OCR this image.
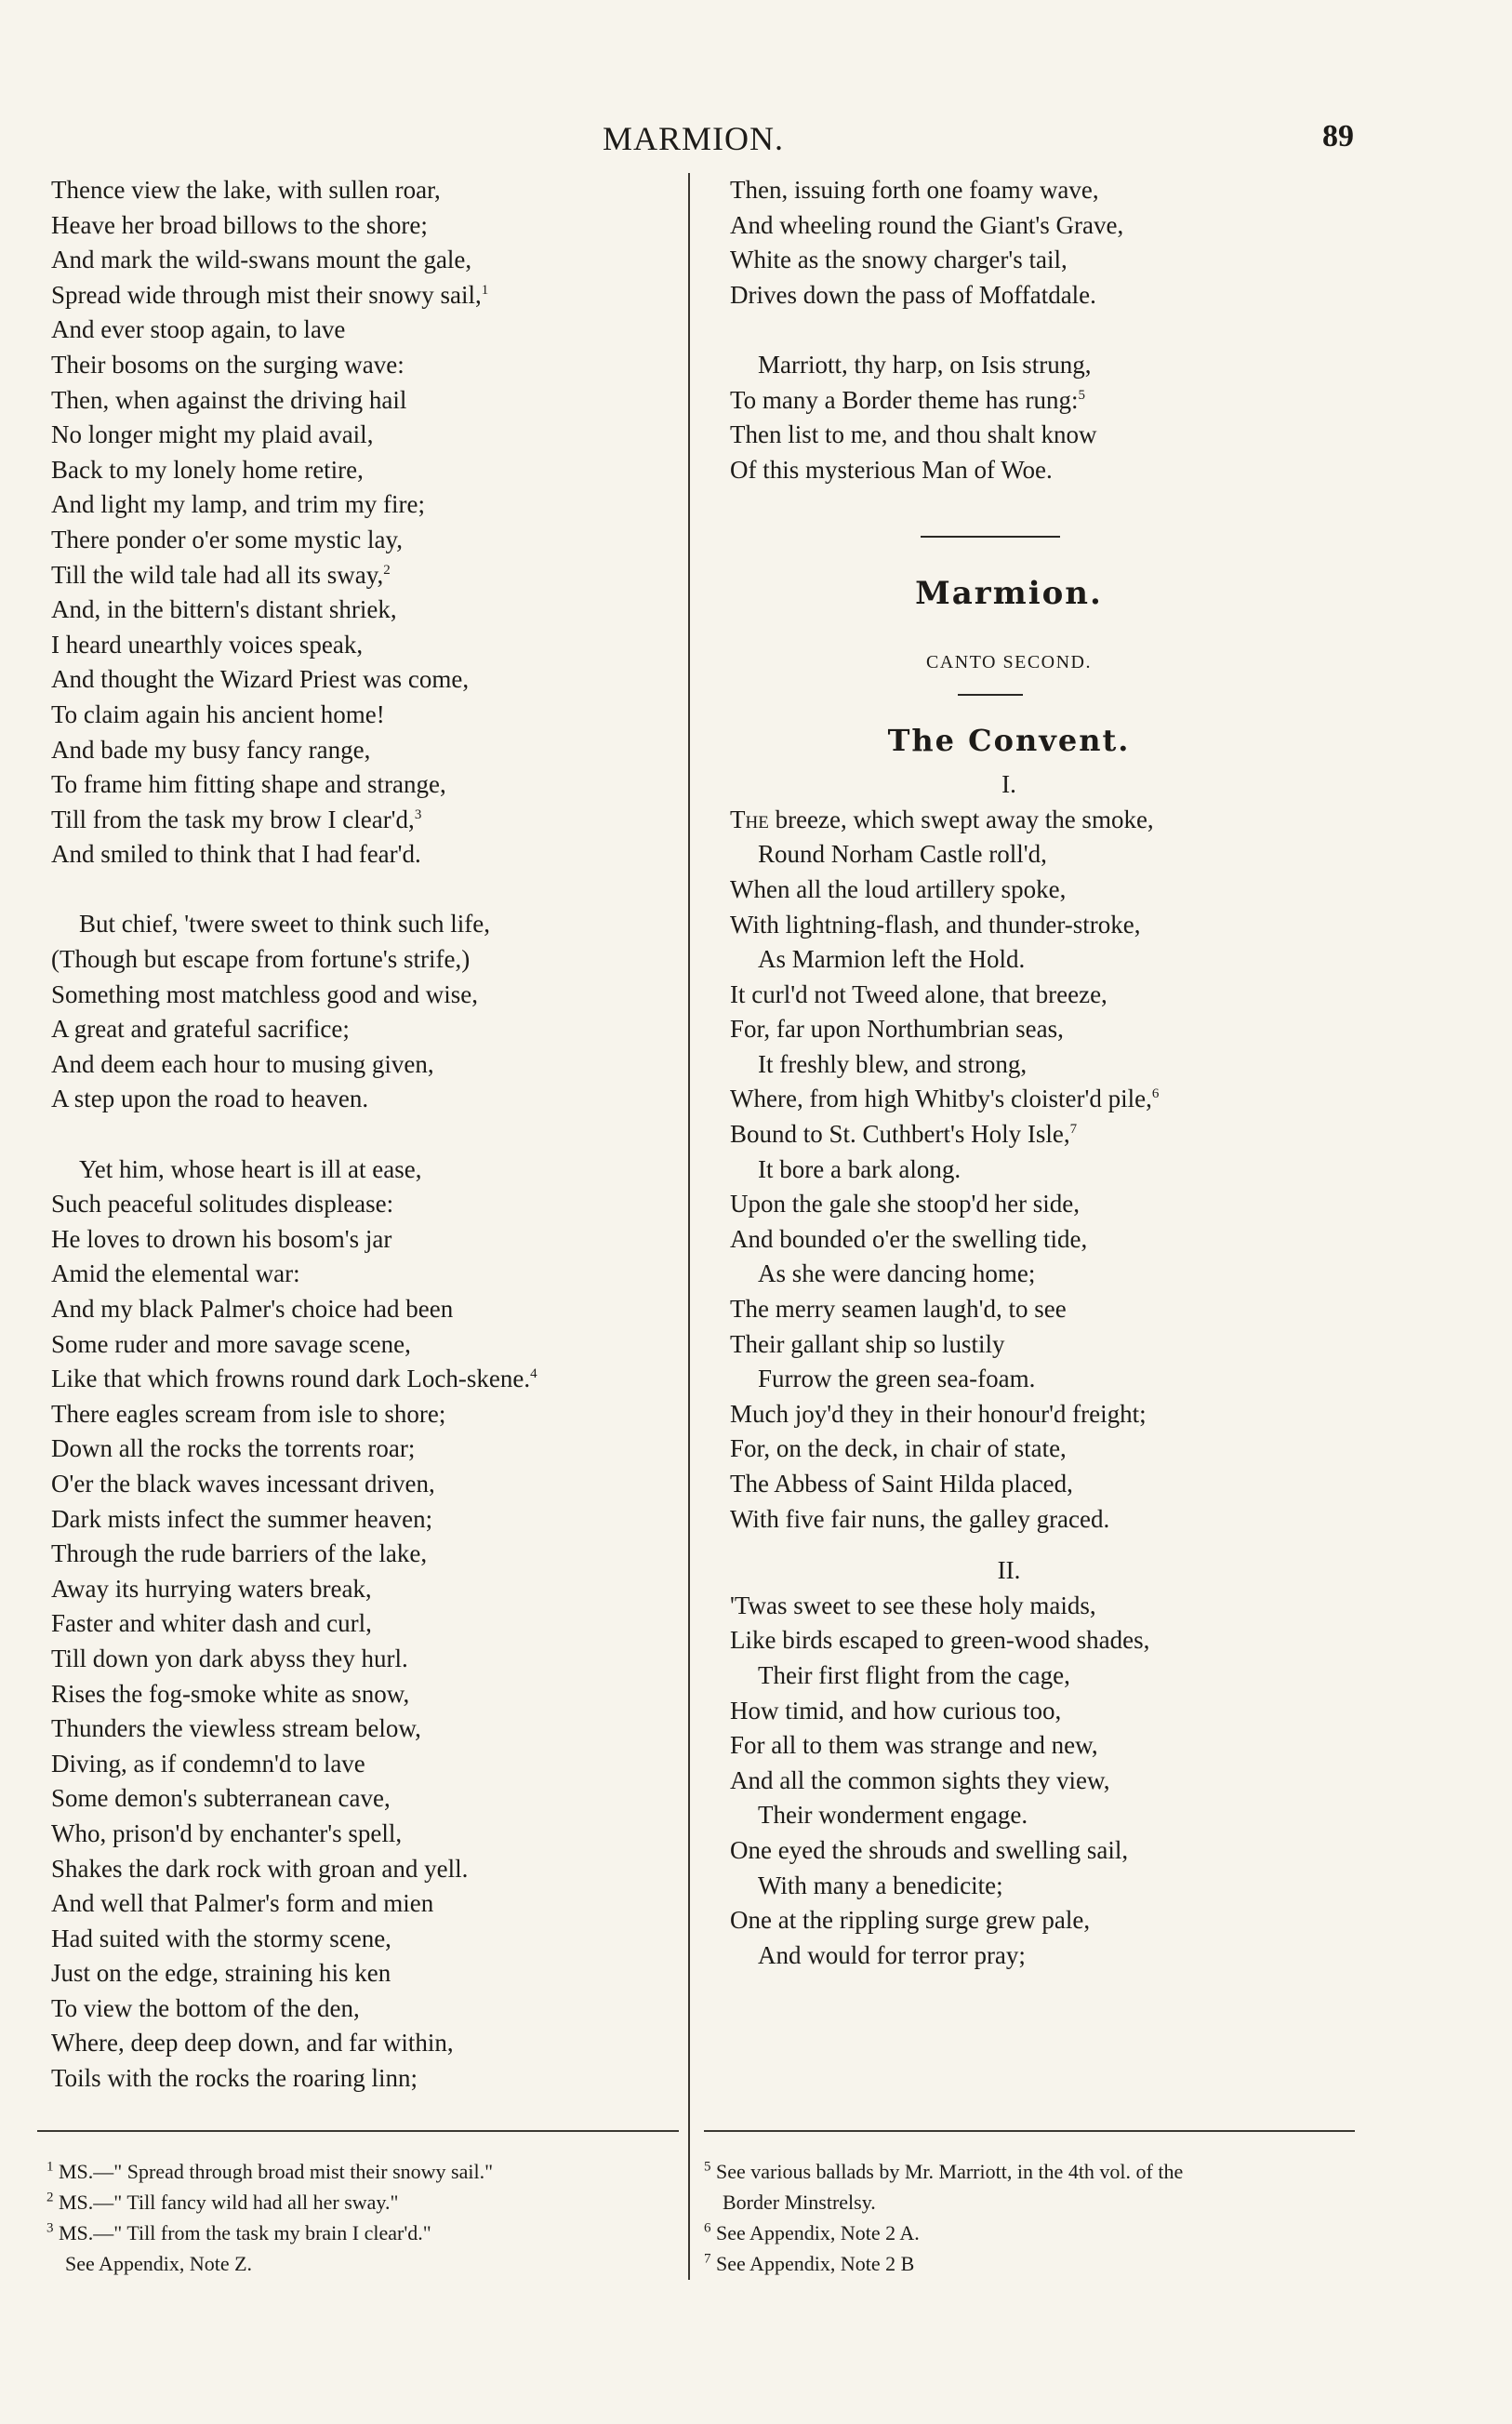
MARMION.	89
Thence view the lake, with sullen roar,
Heave her broad billows to the shore;
And mark the wild-swans mount the gale,
Spread wide through mist their snowy sail,$^1$
And ever stoop again, to lave
Their bosoms on the surging wave:
Then, when against the driving hail
No longer might my plaid avail,
Back to my lonely home retire,
And light my lamp, and trim my fire;
There ponder o'er some mystic lay,
Till the wild tale had all its sway,$^2$
And, in the bittern's distant shriek,
I heard unearthly voices speak,
And thought the Wizard Priest was come,
To claim again his ancient home!
And bade my busy fancy range,
To frame him fitting shape and strange,
Till from the task my brow I clear'd,$^3$
And smiled to think that I had fear'd.
But chief, 'twere sweet to think such life,
(Though but escape from fortune's strife,)
Something most matchless good and wise,
A great and grateful sacrifice;
And deem each hour to musing given,
A step upon the road to heaven.
Yet him, whose heart is ill at ease,
Such peaceful solitudes displease:
He loves to drown his bosom's jar
Amid the elemental war:
And my black Palmer's choice had been
Some ruder and more savage scene,
Like that which frowns round dark Loch-skene.$^4$
There eagles scream from isle to shore;
Down all the rocks the torrents roar;
O'er the black waves incessant driven,
Dark mists infect the summer heaven;
Through the rude barriers of the lake,
Away its hurrying waters break,
Faster and whiter dash and curl,
Till down yon dark abyss they hurl.
Rises the fog-smoke white as snow,
Thunders the viewless stream below,
Diving, as if condemn'd to lave
Some demon's subterranean cave,
Who, prison'd by enchanter's spell,
Shakes the dark rock with groan and yell.
And well that Palmer's form and mien
Had suited with the stormy scene,
Just on the edge, straining his ken
To view the bottom of the den,
Where, deep deep down, and far within,
Toils with the rocks the roaring linn;
Then, issuing forth one foamy wave,
And wheeling round the Giant's Grave,
White as the snowy charger's tail,
Drives down the pass of Moffatdale.
Marriott, thy harp, on Isis strung,
To many a Border theme has rung:$^5$
Then list to me, and thou shalt know
Of this mysterious Man of Woe.
Marmion.
CANTO SECOND.
The Convent.
I.
The breeze, which swept away the smoke,
Round Norham Castle roll'd,
When all the loud artillery spoke,
With lightning-flash, and thunder-stroke,
As Marmion left the Hold.
It curl'd not Tweed alone, that breeze,
For, far upon Northumbrian seas,
It freshly blew, and strong,
Where, from high Whitby's cloister'd pile,$^6$
Bound to St. Cuthbert's Holy Isle,$^7$
It bore a bark along.
Upon the gale she stoop'd her side,
And bounded o'er the swelling tide,
As she were dancing home;
The merry seamen laugh'd, to see
Their gallant ship so lustily
Furrow the green sea-foam.
Much joy'd they in their honour'd freight;
For, on the deck, in chair of state,
The Abbess of Saint Hilda placed,
With five fair nuns, the galley graced.
II.
'Twas sweet to see these holy maids,
Like birds escaped to green-wood shades,
Their first flight from the cage,
How timid, and how curious too,
For all to them was strange and new,
And all the common sights they view,
Their wonderment engage.
One eyed the shrouds and swelling sail,
With many a benedicite;
One at the rippling surge grew pale,
And would for terror pray;
$^1$ MS.—" Spread through broad mist their snowy sail."
$^2$ MS.—" Till fancy wild had all her sway."
$^3$ MS.—" Till from the task my brain I clear'd."
See Appendix, Note Z.
$^5$ See various ballads by Mr. Marriott, in the 4th vol. of the
Border Minstrelsy.
$^6$ See Appendix, Note 2 A.
$^7$ See Appendix, Note 2 B
